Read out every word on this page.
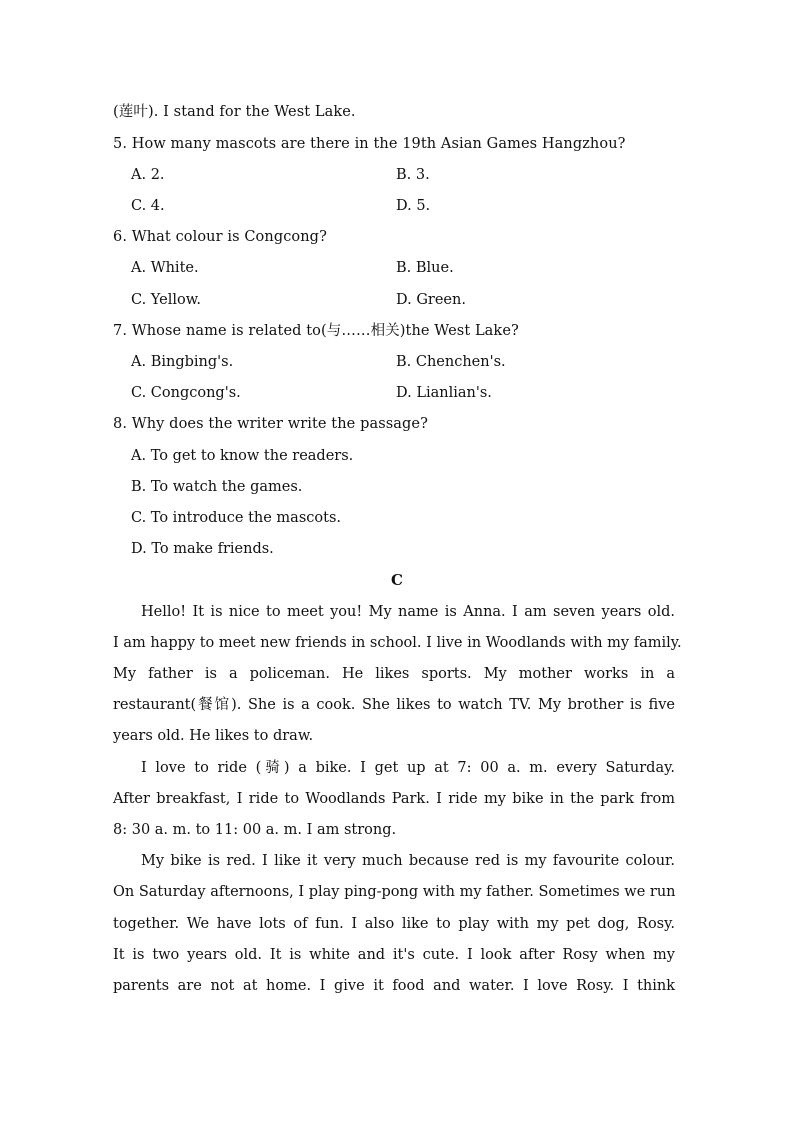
(莲叶). I stand for the West Lake.
5. How many mascots are there in the 19th Asian Games Hangzhou?
A. 2.	B. 3.
C. 4.	D. 5.
6. What colour is Congcong?
A. White.	B. Blue.
C. Yellow.	D. Green.
7. Whose name is related to(与……相关)the West Lake?
A. Bingbing's.	B. Chenchen's.
C. Congcong's.	D. Lianlian's.
8. Why does the writer write the passage?
A. To get to know the readers.
B. To watch the games.
C. To introduce the mascots.
D. To make friends.
C
Hello! It is nice to meet you! My name is Anna. I am seven years old.
I am happy to meet new friends in school. I live in Woodlands with my family.
My father is a policeman. He likes sports. My mother works in a
restaurant(餐馆). She is a cook. She likes to watch TV. My brother is five
years old. He likes to draw.
I love to ride (骑) a bike. I get up at 7: 00 a. m. every Saturday.
After breakfast, I ride to Woodlands Park. I ride my bike in the park from
8: 30 a. m. to 11: 00 a. m. I am strong.
My bike is red. I like it very much because red is my favourite colour.
On Saturday afternoons, I play ping-pong with my father. Sometimes we run
together. We have lots of fun. I also like to play with my pet dog, Rosy.
It is two years old. It is white and it's cute. I look after Rosy when my
parents are not at home. I give it food and water. I love Rosy. I think
